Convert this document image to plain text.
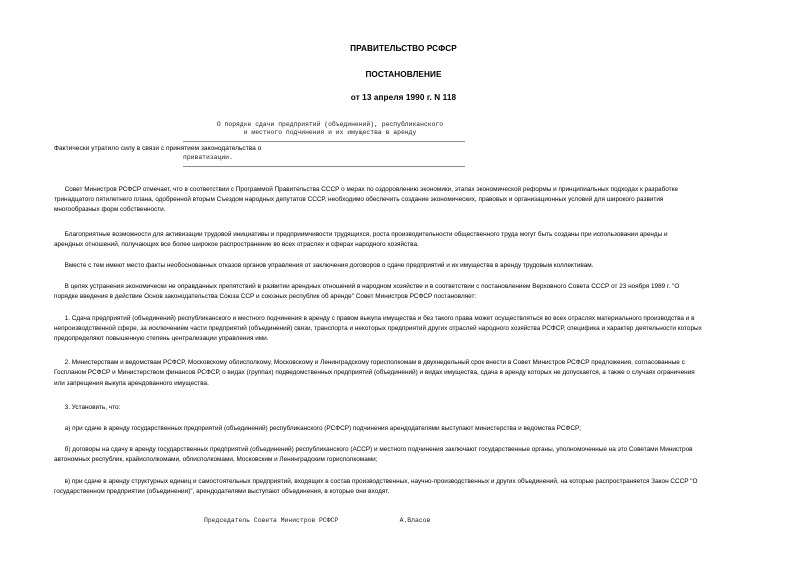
ПРАВИТЕЛЬСТВО РСФСР
ПОСТАНОВЛЕНИЕ
от 13 апреля 1990 г. N 118
О порядке сдачи предприятий (объединений), республиканского
и местного подчинения и их имущества в аренду
Фактически утратило силу в связи с принятием законодательства о
приватизации.

Совет Министров РСФСР отмечает, что в соответствии с Программой Правительства СССР о мерах по оздоровлению экономики, этапах экономической реформы и принципиальных подходах к разработке

тринадцатого пятилетнего плана, одобренной вторым Съездом народных депутатов СССР, необходимо обеспечить создание экономических, правовых и организационных условий для широкого развития

многообразных форм собственности.

Благоприятные возможности для активизации трудовой инициативы и предприимчивости трудящихся, роста производительности общественного труда могут быть созданы при использовании аренды и

арендных отношений, получающих все более широкое распространение во всех отраслях и сферах народного хозяйства.

Вместе с тем имеют место факты необоснованных отказов органов управления от заключения договоров о сдаче предприятий и их имущества в аренду трудовым коллективам.

В целях устранения экономически не оправданных препятствий в развитии арендных отношений в народном хозяйстве и в соответствии с постановлением Верховного Совета СССР от 23 ноября 1989 г. "О

порядке введения в действие Основ законодательства Союза ССР и союзных республик об аренде" Совет Министров РСФСР постановляет:

1. Сдача предприятий (объединений) республиканского и местного подчинения в аренду с правом выкупа имущества и без такого права может осуществляться во всех отраслях материального производства и в

непроизводственной сфере, за исключением части предприятий (объединений) связи, транспорта и некоторых предприятий других отраслей народного хозяйства РСФСР, специфика и характер деятельности которых

предопределяют повышенную степень централизации управления ими.

2. Министерствам и ведомствам РСФСР, Московскому облисполкому, Московскому и Ленинградскому горисполкомам в двухнедельный срок внести в Совет Министров РСФСР предложения, согласованные с

Госпланом РСФСР и Министерством финансов РСФСР, о видах (группах) подведомственных предприятий (объединений) и видах имущества, сдача в аренду которых не допускается, а также о случаях ограничения

или запрещения выкупа арендованного имущества.

3. Установить, что:

а) при сдаче в аренду государственных предприятий (объединений) республиканского (РСФСР) подчинения арендодателями выступают министерства и ведомства РСФСР;

б) договоры на сдачу в аренду государственных предприятий (объединений) республиканского (АССР) и местного подчинения заключают государственные органы, уполномоченные на это Советами Министров

автономных республик, крайисполкомами, облисполкомами, Московским и Ленинградским горисполкомами;

в) при сдаче в аренду структурных единиц и самостоятельных предприятий, входящих в состав производственных, научно-производственных и других объединений, на которые распространяется Закон СССР "О

государственном предприятии (объединении)", арендодателями выступают объединения, в которые они входят.

Председатель Совета Министров РСФСР	А.Власов
